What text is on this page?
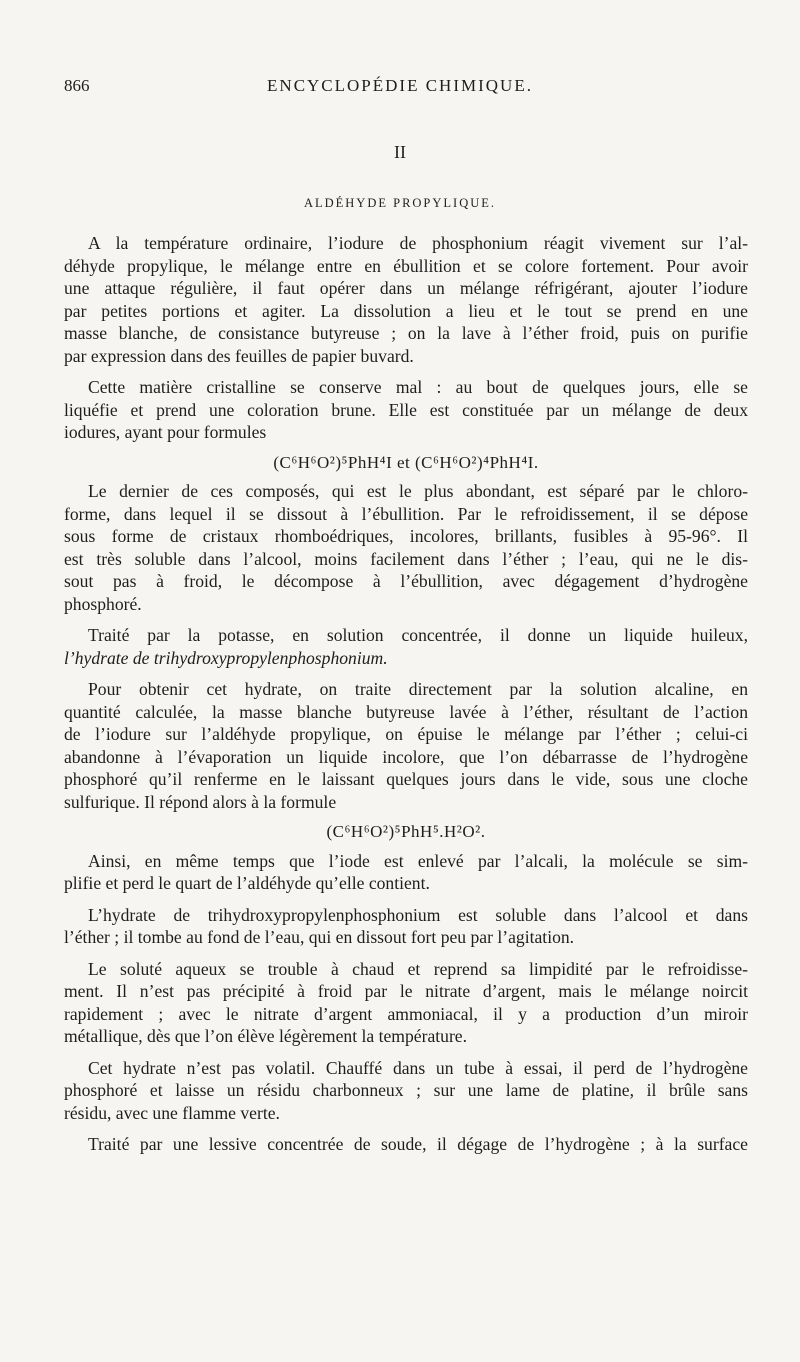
866	ENCYCLOPÉDIE CHIMIQUE.
II
ALDÉHYDE PROPYLIQUE.

A la température ordinaire, l’iodure de phosphonium réagit vivement sur l’al-
déhyde propylique, le mélange entre en ébullition et se colore fortement. Pour avoir
une attaque régulière, il faut opérer dans un mélange réfrigérant, ajouter l’iodure
par petites portions et agiter. La dissolution a lieu et le tout se prend en une
masse blanche, de consistance butyreuse ; on la lave à l’éther froid, puis on purifie
par expression dans des feuilles de papier buvard.

Cette matière cristalline se conserve mal : au bout de quelques jours, elle se
liquéfie et prend une coloration brune. Elle est constituée par un mélange de deux
iodures, ayant pour formules

(C⁶H⁶O²)⁵PhH⁴I et (C⁶H⁶O²)⁴PhH⁴I.

Le dernier de ces composés, qui est le plus abondant, est séparé par le chloro-
forme, dans lequel il se dissout à l’ébullition. Par le refroidissement, il se dépose
sous forme de cristaux rhomboédriques, incolores, brillants, fusibles à 95-96°. Il
est très soluble dans l’alcool, moins facilement dans l’éther ; l’eau, qui ne le dis-
sout pas à froid, le décompose à l’ébullition, avec dégagement d’hydrogène
phosphoré.

Traité par la potasse, en solution concentrée, il donne un liquide huileux,
l’hydrate de trihydroxypropylenphosphonium.

Pour obtenir cet hydrate, on traite directement par la solution alcaline, en
quantité calculée, la masse blanche butyreuse lavée à l’éther, résultant de l’action
de l’iodure sur l’aldéhyde propylique, on épuise le mélange par l’éther ; celui-ci
abandonne à l’évaporation un liquide incolore, que l’on débarrasse de l’hydrogène
phosphoré qu’il renferme en le laissant quelques jours dans le vide, sous une cloche
sulfurique. Il répond alors à la formule

(C⁶H⁶O²)⁵PhH⁵.H²O².

Ainsi, en même temps que l’iode est enlevé par l’alcali, la molécule se sim-
plifie et perd le quart de l’aldéhyde qu’elle contient.

L’hydrate de trihydroxypropylenphosphonium est soluble dans l’alcool et dans
l’éther ; il tombe au fond de l’eau, qui en dissout fort peu par l’agitation.

Le soluté aqueux se trouble à chaud et reprend sa limpidité par le refroidisse-
ment. Il n’est pas précipité à froid par le nitrate d’argent, mais le mélange noircit
rapidement ; avec le nitrate d’argent ammoniacal, il y a production d’un miroir
métallique, dès que l’on élève légèrement la température.

Cet hydrate n’est pas volatil. Chauffé dans un tube à essai, il perd de l’hydrogène
phosphoré et laisse un résidu charbonneux ; sur une lame de platine, il brûle sans
résidu, avec une flamme verte.

Traité par une lessive concentrée de soude, il dégage de l’hydrogène ; à la surface
